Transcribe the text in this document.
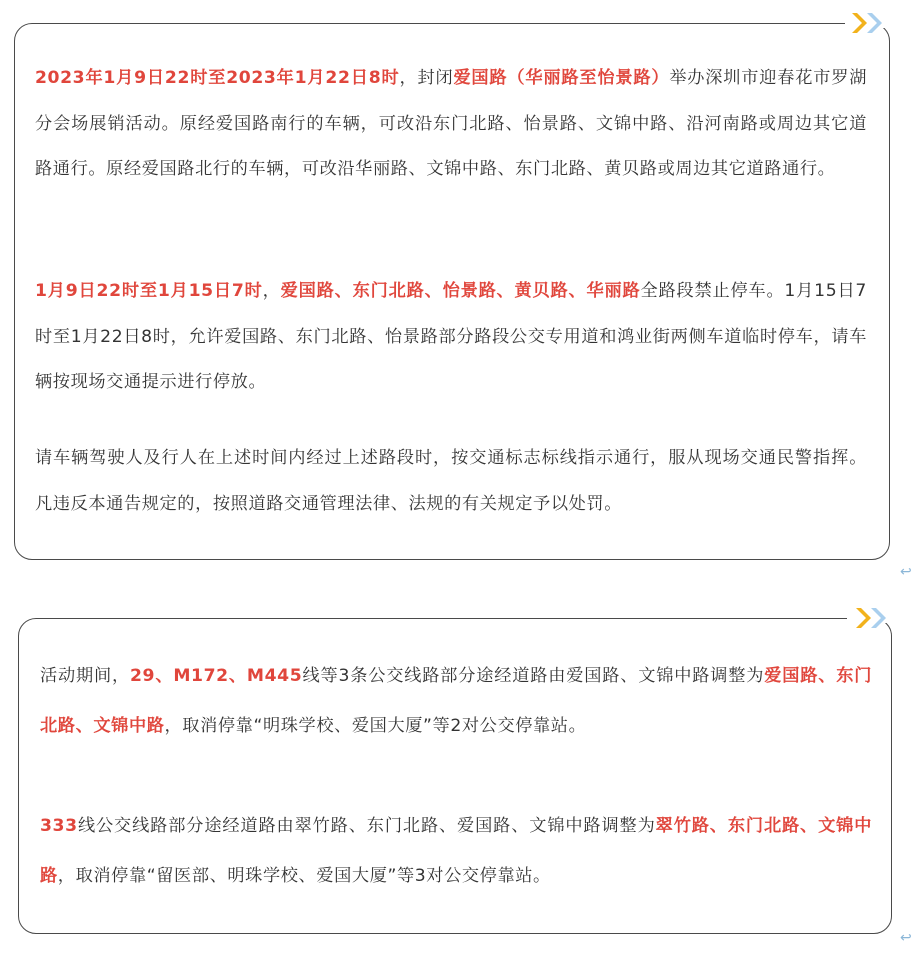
↩

2023年1月9日22时至2023年1月22日8时，封闭爱国路（华丽路至怡景路）举办深圳市迎春花市罗湖分会场展销活动。原经爱国路南行的车辆，可改沿东门北路、怡景路、文锦中路、沿河南路或周边其它道路通行。原经爱国路北行的车辆，可改沿华丽路、文锦中路、东门北路、黄贝路或周边其它道路通行。

1月9日22时至1月15日7时，爱国路、东门北路、怡景路、黄贝路、华丽路全路段禁止停车。1月15日7时至1月22日8时，允许爱国路、东门北路、怡景路部分路段公交专用道和鸿业街两侧车道临时停车，请车辆按现场交通提示进行停放。

请车辆驾驶人及行人在上述时间内经过上述路段时，按交通标志标线指示通行，服从现场交通民警指挥。凡违反本通告规定的，按照道路交通管理法律、法规的有关规定予以处罚。

↩

活动期间，29、M172、M445线等3条公交线路部分途经道路由爱国路、文锦中路调整为爱国路、东门北路、文锦中路，取消停靠“明珠学校、爱国大厦”等2对公交停靠站。

333线公交线路部分途经道路由翠竹路、东门北路、爱国路、文锦中路调整为翠竹路、东门北路、文锦中路，取消停靠“留医部、明珠学校、爱国大厦”等3对公交停靠站。
